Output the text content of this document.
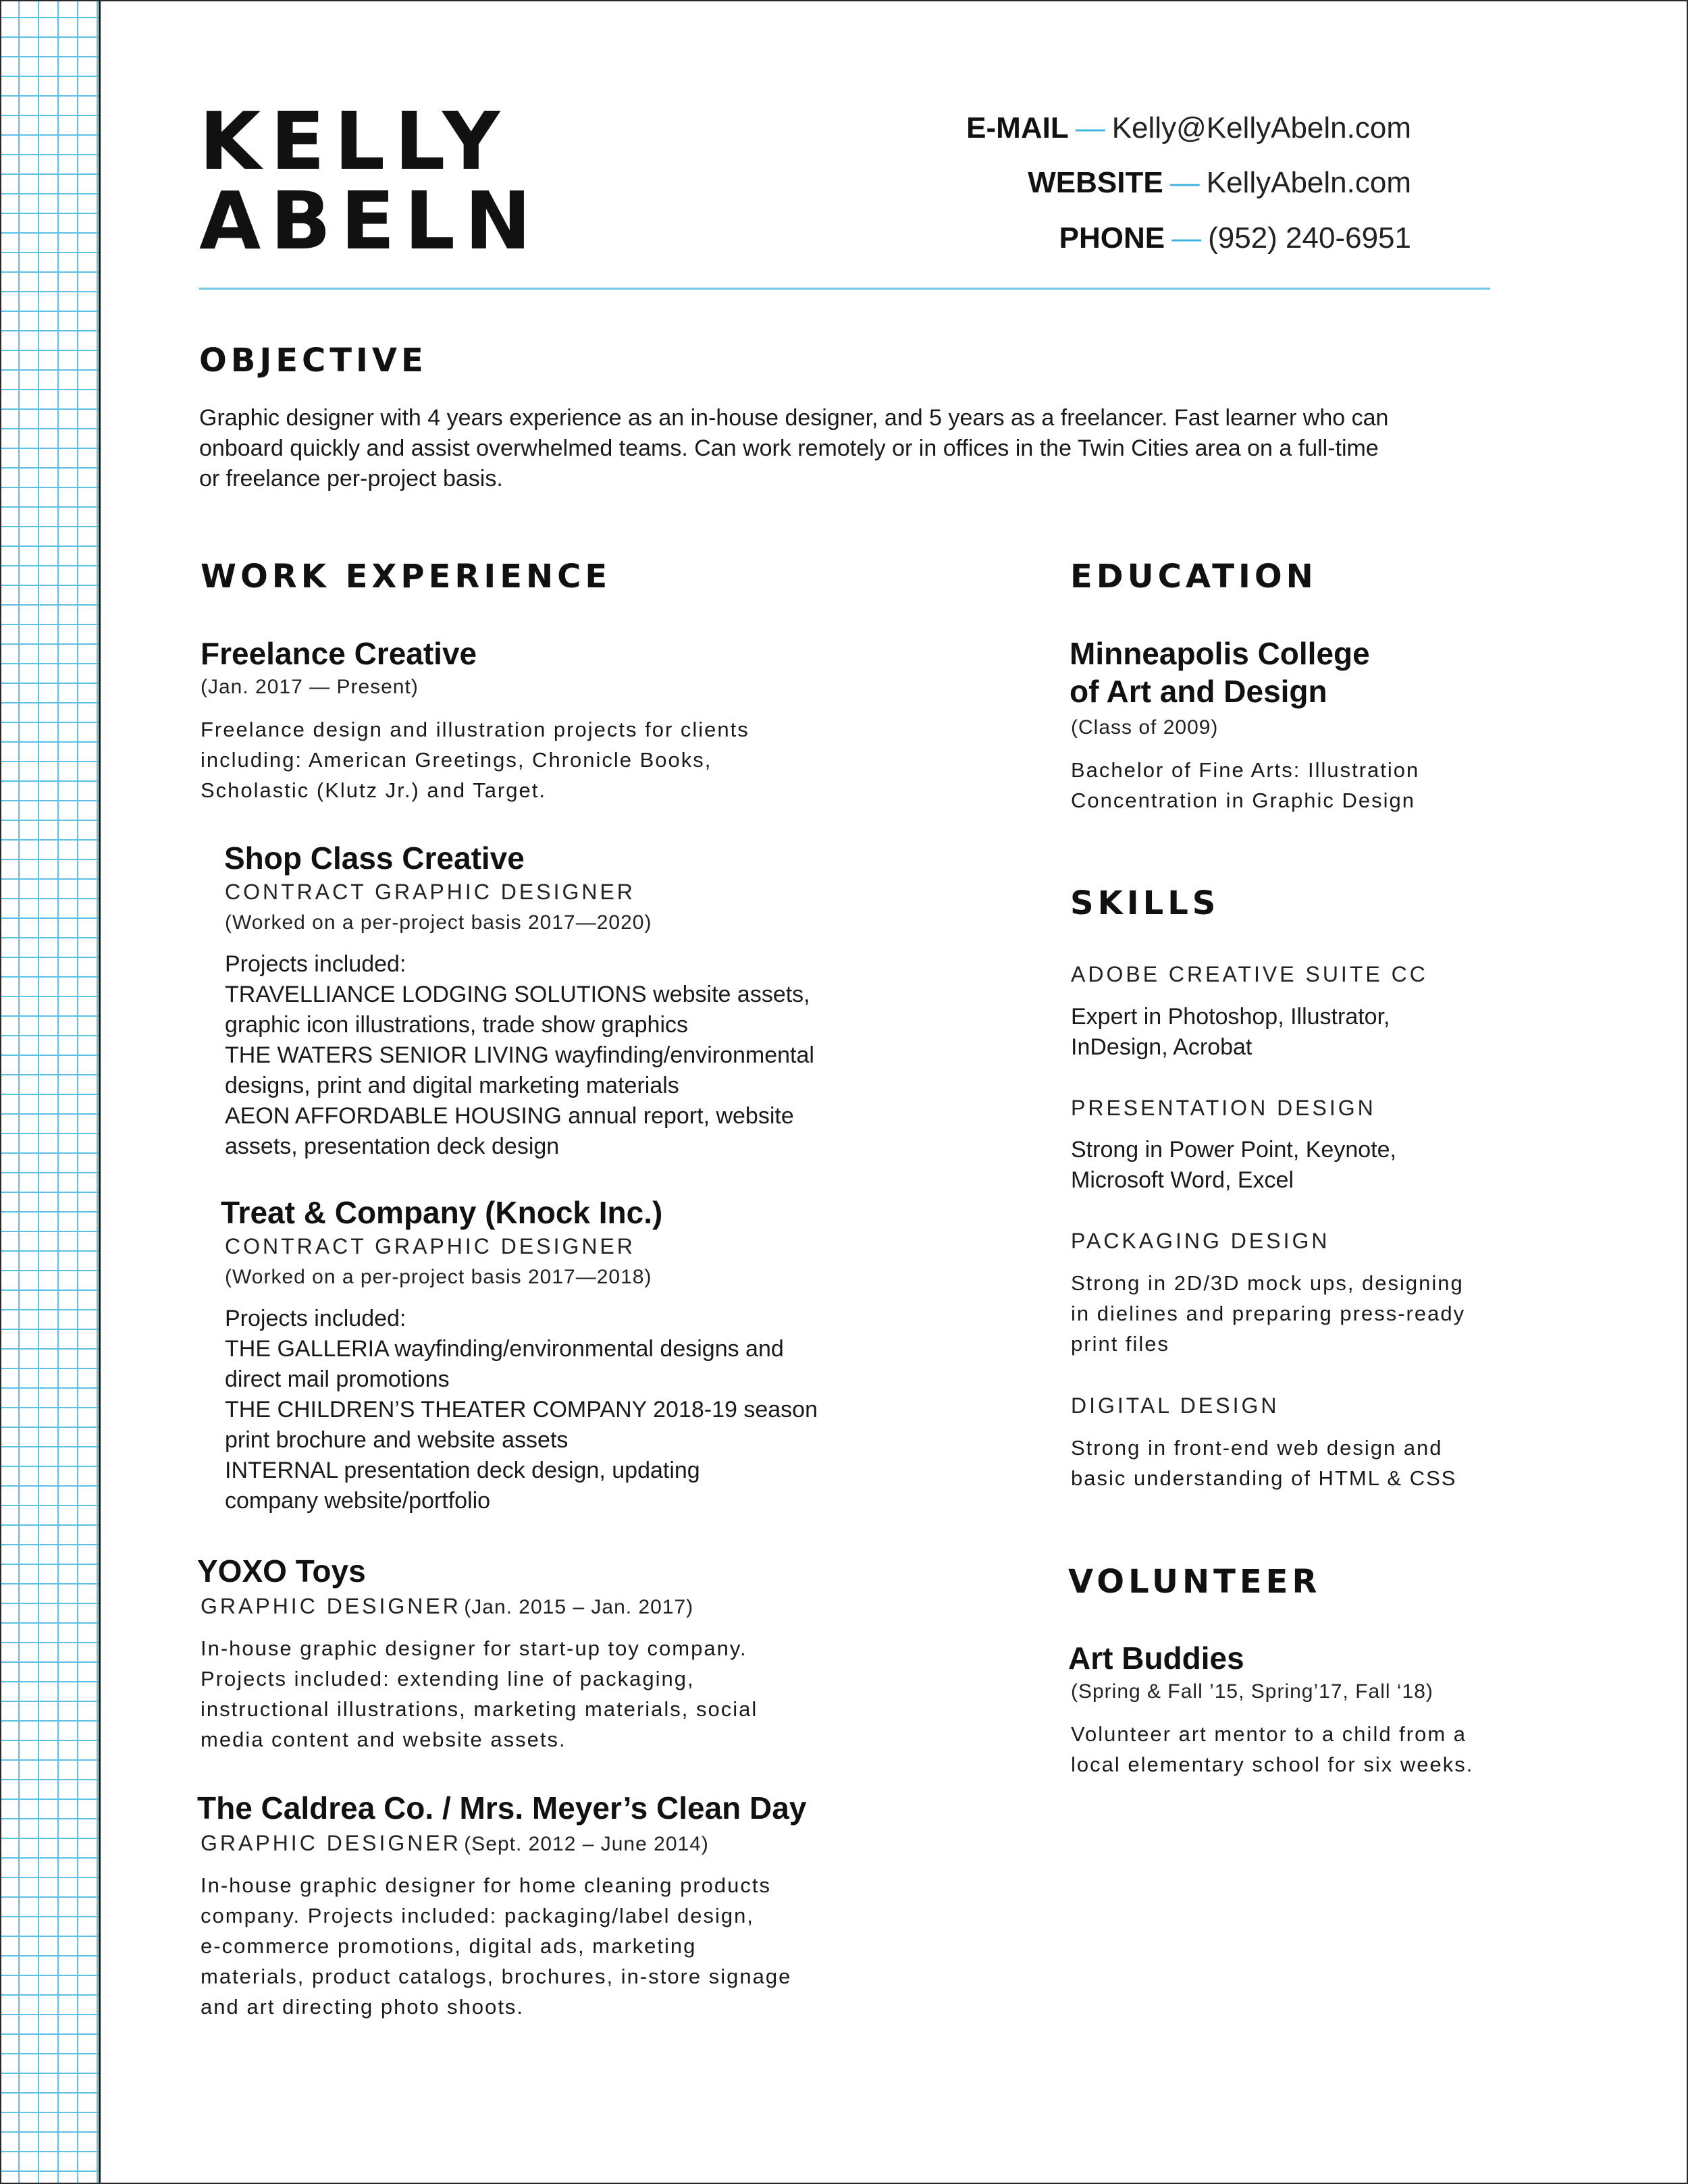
KELLY
ABELN
E-MAIL — Kelly@KellyAbeln.com
WEBSITE — KellyAbeln.com
PHONE — (952) 240-6951
OBJECTIVE
Graphic designer with 4 years experience as an in-house designer, and 5 years as a freelancer. Fast learner who can
onboard quickly and assist overwhelmed teams. Can work remotely or in offices in the Twin Cities area on a full-time
or freelance per-project basis.
WORK EXPERIENCE
Freelance Creative
(Jan. 2017 — Present)
Freelance design and illustration projects for clients
including: American Greetings, Chronicle Books,
Scholastic (Klutz Jr.) and Target.
Shop Class Creative
CONTRACT GRAPHIC DESIGNER
(Worked on a per-project basis 2017—2020)
Projects included:
TRAVELLIANCE LODGING SOLUTIONS website assets,
graphic icon illustrations, trade show graphics
THE WATERS SENIOR LIVING wayfinding/environmental
designs, print and digital marketing materials
AEON AFFORDABLE HOUSING annual report, website
assets, presentation deck design
Treat & Company (Knock Inc.)
CONTRACT GRAPHIC DESIGNER
(Worked on a per-project basis 2017—2018)
Projects included:
THE GALLERIA wayfinding/environmental designs and
direct mail promotions
THE CHILDREN’S THEATER COMPANY 2018-19 season
print brochure and website assets
INTERNAL presentation deck design, updating
company website/portfolio
YOXO Toys
GRAPHIC DESIGNER (Jan. 2015 – Jan. 2017)
In-house graphic designer for start-up toy company.
Projects included: extending line of packaging,
instructional illustrations, marketing materials, social
media content and website assets.
The Caldrea Co. / Mrs. Meyer’s Clean Day
GRAPHIC DESIGNER (Sept. 2012 – June 2014)
In-house graphic designer for home cleaning products
company. Projects included: packaging/label design,
e-commerce promotions, digital ads, marketing
materials, product catalogs, brochures, in-store signage
and art directing photo shoots.
EDUCATION
Minneapolis College
of Art and Design
(Class of 2009)
Bachelor of Fine Arts: Illustration
Concentration in Graphic Design
SKILLS
ADOBE CREATIVE SUITE CC
Expert in Photoshop, Illustrator,
InDesign, Acrobat
PRESENTATION DESIGN
Strong in Power Point, Keynote,
Microsoft Word, Excel
PACKAGING DESIGN
Strong in 2D/3D mock ups, designing
in dielines and preparing press-ready
print files
DIGITAL DESIGN
Strong in front-end web design and
basic understanding of HTML & CSS
VOLUNTEER
Art Buddies
(Spring & Fall ’15, Spring’17, Fall ‘18)
Volunteer art mentor to a child from a
local elementary school for six weeks.
